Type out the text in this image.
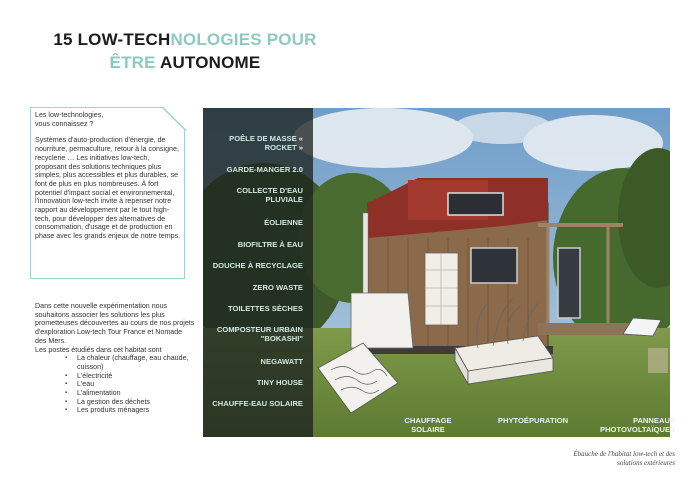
15 LOW-TECHNOLOGIES POUR
ÊTRE AUTONOME

Les low-technologies, vous connaissez ?

Systèmes d'auto-production d'énergie, de nourriture, permaculture, retour à la consigne, recyclerie … Les initiatives low-tech, proposant des solutions techniques plus simples, plus accessibles et plus durables, se font de plus en plus nombreuses. À fort potentiel d'impact social et environnemental, l'innovation low-tech invite à repenser notre rapport au développement par le tout high-tech, pour développer des alternatives de consommation, d'usage et de production en phase avec les grands enjeux de notre temps.

Dans cette nouvelle expérimentation nous souhaitons associer les solutions les plus prometteuses découvertes au cours de nos projets d'exploration Low-tech Tour France et Nomade des Mers.
Les postes étudiés dans cet habitat sont
▪ La chaleur (chauffage, eau chaude, cuisson)
▪ L'électricité
▪ L'eau
▪ L'alimentation
▪ La gestion des déchets
▪ Les produits ménagers
POÊLE DE MASSE « ROCKET »
GARDE-MANGER 2.0
COLLECTE D'EAU PLUVIALE
ÉOLIENNE
BIOFILTRE À EAU
DOUCHE À RECYCLAGE
ZERO WASTE
TOILETTES SÈCHES
COMPOSTEUR URBAIN "BOKASHI"
NEGAWATT
TINY HOUSE
CHAUFFE-EAU SOLAIRE
CHAUFFAGE SOLAIRE
PHYTOÉPURATION	PANNEAUX PHOTOVOLTAÏQUES
Ébauche de l'habitat low-tech et des solutions extérieures
